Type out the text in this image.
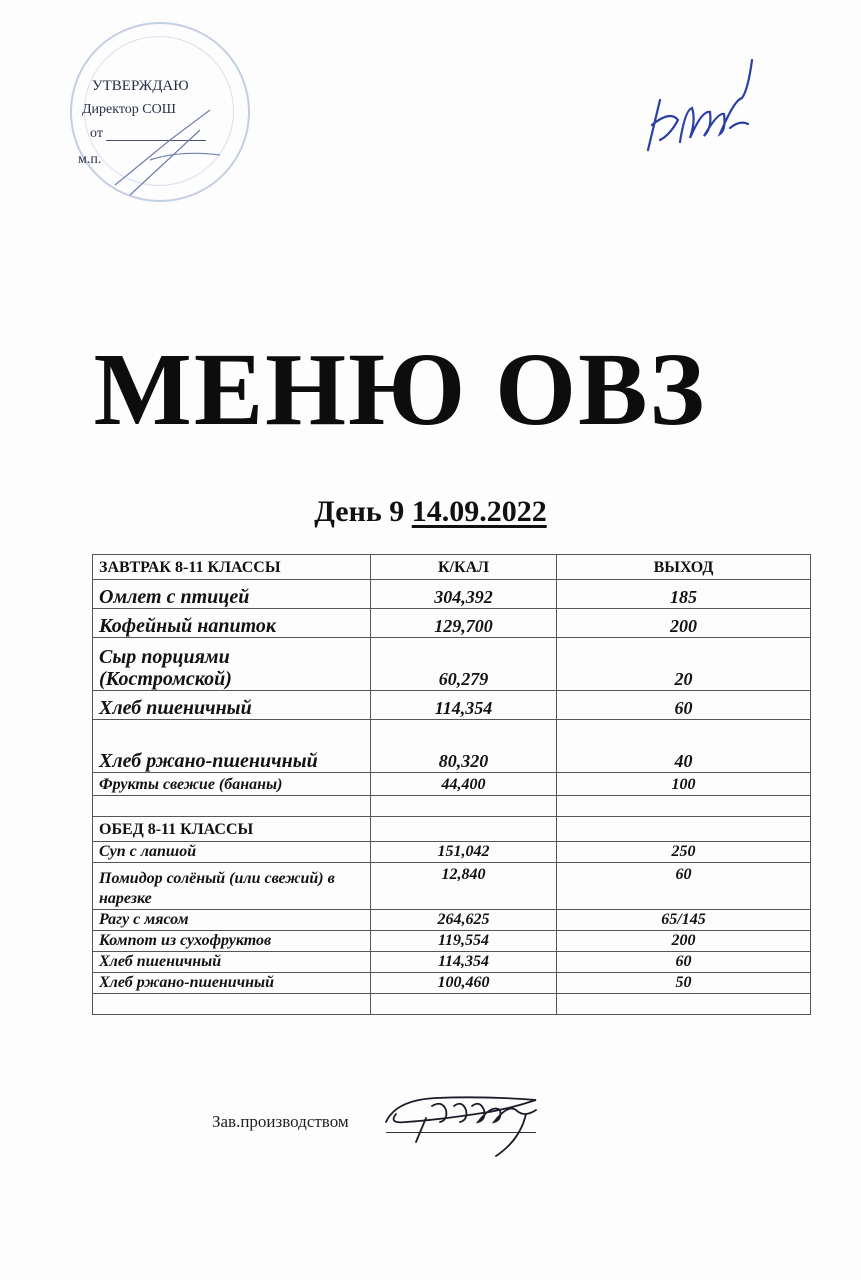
УТВЕРЖДАЮ
Директор СОШ
от
м.п.
МЕНЮ ОВЗ
День 9 14.09.2022
ЗАВТРАК 8-11 КЛАССЫ	К/КАЛ	ВЫХОД
Омлет с птицей	304,392	185
Кофейный напиток	129,700	200
Сыр порциями (Костромской)	60,279	20
Хлеб пшеничный	114,354	60
Хлеб ржано-пшеничный	80,320	40
Фрукты свежие (бананы)	44,400	100

ОБЕД 8-11 КЛАССЫ		
Суп с лапшой	151,042	250
Помидор солёный (или свежий) в нарезке	12,840	60
Рагу с мясом	264,625	65/145
Компот из сухофруктов	119,554	200
Хлеб пшеничный	114,354	60
Хлеб ржано-пшеничный	100,460	50

Зав.производством
